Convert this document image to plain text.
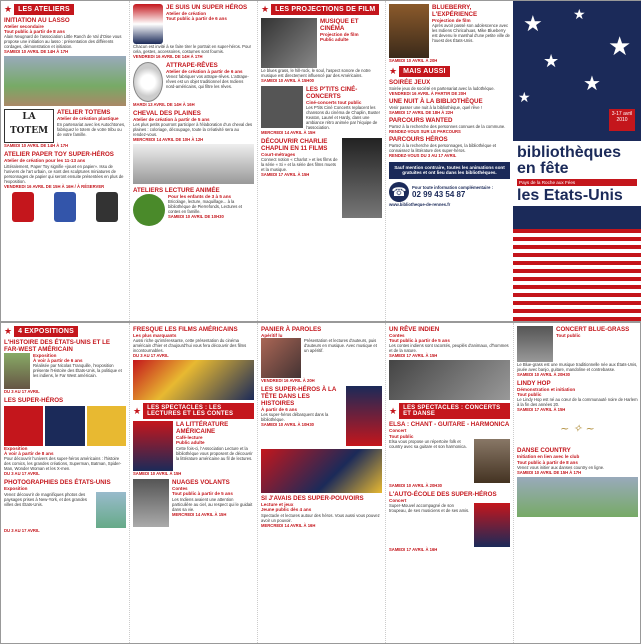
★ LES ATELIERS
INITIATION AU LASSO
Atelier secondaire
Tout public à partir de 8 ans
Alain Neugnard de l'association Little Ranch de Val d'Oise vous propose une initiation au lasso : présentation des différents cordages, démonstration et initiation.
SAMEDI 10 AVRIL DE 14H À 17H
LA
TOTEM
ATELIER TOTEMS
Atelier de création plastique
En partenariat avec les Autochtones, fabriquez le totem de votre tribu ou de votre famille.
SAMEDI 10 AVRIL DE 14H À 17H
ATELIER PAPER TOY SUPER-HÉROS
Atelier de création pour les 11-13 ans
Littéralement, Paper Toy signifie «jouet en papier». Issu de l'univers de l'art urbain, ce sont des sculptures miniatures de personnages de papier qui seront ensuite présentées en plus de l'exposition.
VENDREDI 16 AVRIL DE 15H À 16H / À RÉSERVER
JE SUIS UN SUPER HÉROS
Atelier de création
Tout public à partir de 6 ans
Chacun est invité à se faire tirer le portrait en super-héros. Pour cela, gestes, accessoires, costumes sont fournis.
VENDREDI 16 AVRIL DE 14H À 17H
ATTRAPE-RÊVES
Atelier de création à partir de 6 ans
Venez fabriquer vos attrape-rêves. L'attrape-rêves est un objet traditionnel des Indiens nord-américains, qui filtre les rêves.
MARDI 13 AVRIL DE 14H À 16H
CHEVAL DES PLAINES
Atelier de création à partir de 5 ans
Les plus petits pourront participer à l'élaboration d'un cheval des plaines : coloriage, découpage, toute la créativité sera au rendez-vous.
MERCREDI 14 AVRIL DE 10H À 12H
ATELIERS LECTURE ANIMÉE
Pour les enfants de 3 à 5 ans
Bricolage, lecture, maquillage... à la bibliothèque de Pierrefonds, Lectures et contes en famille.
SAMEDI 10 AVRIL DE 10H30
★ LES PROJECTIONS DE FILM
MUSIQUE ET CINÉMA
Projection de film
Public adulte
Le blues grass, le hill-rock, le soul, l'aspect sonore de notre musique est directement influencé par des Américains.
SAMEDI 10 AVRIL À 15H00
LES P'TITS CINÉ-CONCERTS
Ciné-concerts tout public
Les P'tits Ciné Concerts replacent les chansons du cinéma de Chaplin, Buster Keaton, Laurel et Hardy, dans une ambiance rétro animée par l'équipe de l'association.
MERCREDI 14 AVRIL À 15H
DÉCOUVRIR CHARLIE CHAPLIN EN 11 FILMS
Court-métrages
Connect notion « Charlot » et les films de la série « Si » et la série des films muets et la musique.
SAMEDI 17 AVRIL À 15H
BLUEBERRY, L'EXPÉRIENCE
Projection de film
Après avoir passé son adolescence avec les Indiens Chiricahuas, Mike Blueberry est devenu le marshal d'une petite ville de l'ouest des États-Unis.
SAMEDI 10 AVRIL À 20H
★ MAIS AUSSI
SOIRÉE JEUX
Soirée jeux de société en partenariat avec la ludothèque.
VENDREDI 16 AVRIL À PARTIR DE 20H
UNE NUIT À LA BIBLIOTHÈQUE
Venir passer une nuit à la bibliothèque, quel rêve !
SAMEDI 17 AVRIL DE 18H À 22H
PARCOURS WANTED
Partez à la recherche des personnes connues de la commune.
RENDEZ-VOUS SUR LE PARCOURS
PARCOURS HÉROS
Partez à la recherche des personnages, la bibliothèque et connaissez la littérature des super-héros.
RENDEZ-VOUS DU 3 AU 17 AVRIL
Sauf mention contraire, toutes les animations sont gratuites et ont lieu dans les bibliothèques.
☎	Pour toute information complémentaire :
02 99 43 54 87
www.bibliotheque-de-rennes.fr
★ ★
★
★
★
★
3-17 avril 2010
bibliothèques
en fête
Pays de la Roche aux Fées
les Etats-Unis
★ 4 EXPOSITIONS
L'HISTOIRE DES ÉTATS-UNIS ET LE FAR-WEST AMÉRICAIN
Exposition
À voir à partir de 6 ans
Réalisée par Nicolas Tranquille, l'exposition présente l'Histoire des États-Unis, la politique et les indiens, le Far West américain.
DU 3 AU 17 AVRIL
LES SUPER-HÉROS
Exposition
À voir à partir de 8 ans
Pour découvrir l'univers des super-héros américains : l'histoire des comics, les grandes créations, Superman, Batman, Spider-Man, Wonder Woman et les X-men.
DU 3 AU 17 AVRIL
PHOTOGRAPHIES DES ÉTATS-UNIS
Exposition
Venez découvrir de magnifiques photos des paysages prises à New-York, et des grandes villes des États-Unis.
DU 3 AU 17 AVRIL
FRESQUE LES FILMS AMÉRICAINS
Les plus marquants
Aussi riche qu'intéressante, cette présentation du cinéma américain d'hier et d'aujourd'hui vous fera découvrir des films incontournables.
DU 3 AU 17 AVRIL
★	LES SPECTACLES : LES LECTURES ET LES CONTES
LA LITTÉRATURE AMÉRICAINE
Café-lecture
Public adulte
Cette fois-ci, l'Association Lecture et la bibliothèque vous proposent de découvrir la littérature américaine au fil de lectures.
SAMEDI 10 AVRIL À 15H
NUAGES VOLANTS
Contes
Tout public à partir de 5 ans
Les Indiens avaient une attention particulière au ciel, au respect qui le guidait dans sa vie.
MERCREDI 14 AVRIL À 15H
PANIER À PAROLES
Apéritif lu
Présentation et lectures d'auteurs, puis d'auteurs en musique. Avec musique et un apéritif.
VENDREDI 16 AVRIL À 20H
LES SUPER-HÉROS À LA TÊTE DANS LES HISTOIRES
À partir de 6 ans
Les super-héros débarquent dans la bibliothèque.
SAMEDI 10 AVRIL À 10H30
SI J'AVAIS DES SUPER-POUVOIRS
Lecture et jeux
Jeune public dès 4 ans
Spectacle et lectures autour des héros. Vous aussi vous pouvez avoir un pouvoir.
MERCREDI 14 AVRIL À 16H
UN RÊVE INDIEN
Contes
Tout public à partir de 5 ans
Les contes indiens sont racontés, peuplés d'animaux, d'hommes et de la nature.
SAMEDI 17 AVRIL À 15H
★	LES SPECTACLES : CONCERTS ET DANSE
ELSA : CHANT - GUITARE - HARMONICA
Concert
Tout public
Elsa vous propose un répertoire folk et country avec sa guitare et son harmonica.
SAMEDI 10 AVRIL À 20H30
L'AUTO-ÉCOLE DES SUPER-HÉROS
Concert
Super-Mouvel accompagné de son troupeau, de ses musiciens et de ses amis.
SAMEDI 17 AVRIL À 16H
CONCERT BLUE-GRASS
Tout public
Le Blue-grass est une musique traditionnelle née aux États-Unis, jouée avec banjo, guitare, mandoline et contrebasse.
SAMEDI 10 AVRIL À 20H30
LINDY HOP
Démonstration et initiation
Tout public
Le Lindy Hop est né au cœur de la communauté noire de Harlem à la fin des années 20.
SAMEDI 17 AVRIL À 15H
~ ✧ ~
DANSE COUNTRY
Initiation en lien avec le club
Tout public à partir de 8 ans
Venez vous initier aux danses country en ligne.
SAMEDI 10 AVRIL DE 15H À 17H
